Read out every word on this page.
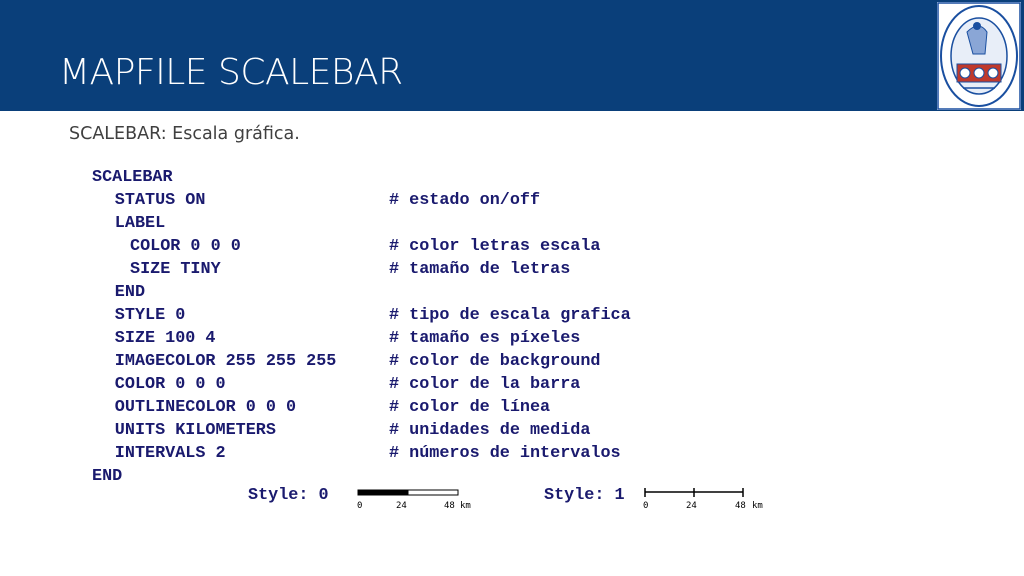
MAPFILE SCALEBAR
SCALEBAR: Escala gráfica.
SCALEBAR
STATUS ON	# estado on/off
LABEL
COLOR 0 0 0	# color letras escala
SIZE TINY	# tamaño de letras
END
STYLE 0	# tipo de escala grafica
SIZE 100 4	# tamaño es píxeles
IMAGECOLOR 255 255 255	# color de background
COLOR 0 0 0	# color de la barra
OUTLINECOLOR 0 0 0	# color de línea
UNITS KILOMETERS	# unidades de medida
INTERVALS 2	# números de intervalos
END
Style: 0
0	24	48 km
Style: 1
0	24	48 km
